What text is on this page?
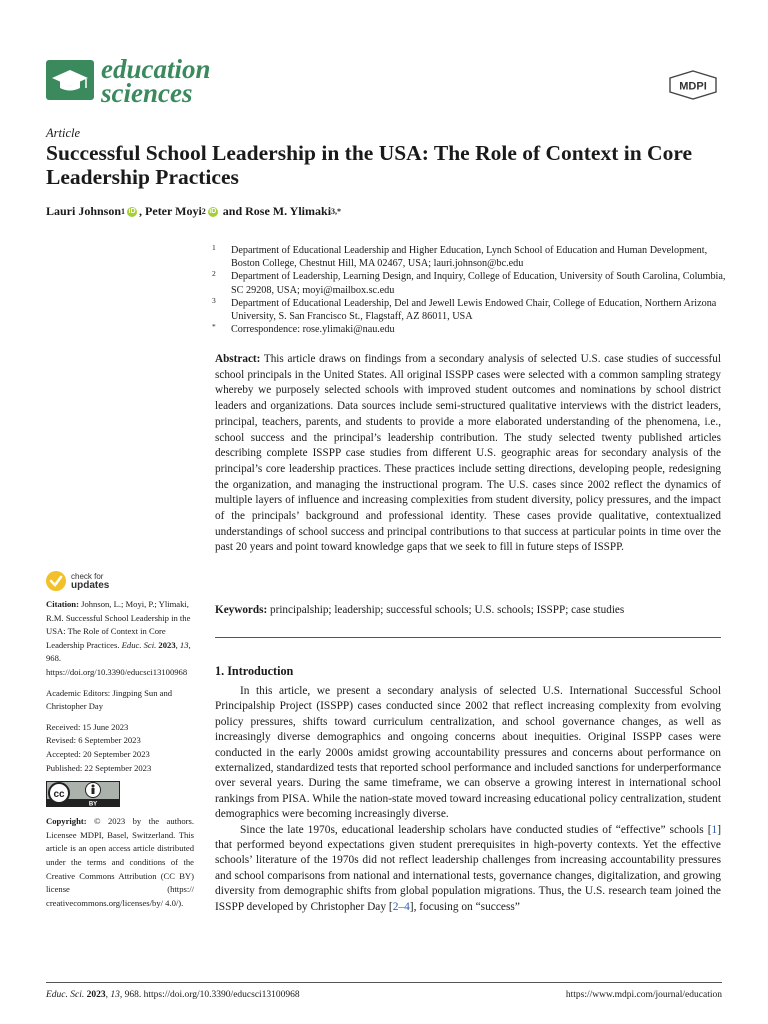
education
sciences	MDPI
Article
Successful School Leadership in the USA: The Role of Context in Core Leadership Practices
Lauri Johnson 1 iD ,
Peter Moyi 2 iD
and
Rose M. Ylimaki 3,*
1 Department of Educational Leadership and Higher Education, Lynch School of Education and Human Development, Boston College, Chestnut Hill, MA 02467, USA; lauri.johnson@bc.edu
2 Department of Leadership, Learning Design, and Inquiry, College of Education, University of South Carolina, Columbia, SC 29208, USA; moyi@mailbox.sc.edu
3 Department of Educational Leadership, Del and Jewell Lewis Endowed Chair, College of Education, Northern Arizona University, S. San Francisco St., Flagstaff, AZ 86011, USA
* Correspondence: rose.ylimaki@nau.edu
Abstract: This article draws on findings from a secondary analysis of selected U.S. case studies of successful school principals in the United States. All original ISSPP cases were selected with a common sampling strategy whereby we purposely selected schools with improved student outcomes and nominations by school district leaders and organizations. Data sources include semi-structured qualitative interviews with the district leaders, principal, teachers, parents, and students to provide a more elaborated understanding of the phenomena, i.e., school success and the principal’s leadership contribution. The study selected twenty published articles describing complete ISSPP case studies from different U.S. geographic areas for secondary analysis of the principal’s core leadership practices. These practices include setting directions, developing people, redesigning the organization, and managing the instructional program. The U.S. cases since 2002 reflect the dynamics of multiple layers of influence and increasing complexities from student diversity, policy pressures, and the impact of the principals’ background and professional identity. These cases provide qualitative, contextualized understandings of school success and principal contributions to that success at particular points in time over the past 20 years and point toward knowledge gaps that we seek to fill in future steps of ISSPP.
Keywords: principalship; leadership; successful schools; U.S. schools; ISSPP; case studies
1. Introduction

In this article, we present a secondary analysis of selected U.S. International Successful School Principalship Project (ISSPP) cases conducted since 2002 that reflect increasing complexity from evolving policy pressures, shifts toward curriculum centralization, and school governance changes, as well as increasingly diverse demographics and ongoing concerns about inequities. Original ISSPP cases were conducted in the early 2000s amidst growing accountability pressures and concerns about performance on externalized, standardized tests that reported school performance and included sanctions for underperformance over several years. During the same timeframe, we can observe a growing interest in international school rankings from PISA. While the nation-state moved toward increasing educational policy centralization, student demographics were becoming increasingly diverse.

Since the late 1970s, educational leadership scholars have conducted studies of “effective” schools [1] that performed beyond expectations given student prerequisites in high-poverty contexts. Yet the effective schools’ literature of the 1970s did not reflect leadership challenges from increasing accountability pressures and school comparisons from national and international tests, governance changes, digitalization, and growing diversity from demographic shifts from global population migrations. Thus, the U.S. research team joined the ISSPP developed by Christopher Day [2–4], focusing on “success”

check for
updates

Citation: Johnson, L.; Moyi, P.; Ylimaki, R.M. Successful School Leadership in the USA: The Role of Context in Core Leadership Practices. Educ. Sci. 2023, 13, 968. https://doi.org/10.3390/educsci13100968

Academic Editors: Jingping Sun and Christopher Day

Received: 15 June 2023
Revised: 6 September 2023
Accepted: 20 September 2023
Published: 22 September 2023

cc
BY

Copyright: © 2023 by the authors. Licensee MDPI, Basel, Switzerland. This article is an open access article distributed under the terms and conditions of the Creative Commons Attribution (CC BY) license (https:// creativecommons.org/licenses/by/ 4.0/).

Educ. Sci. 2023, 13, 968. https://doi.org/10.3390/educsci13100968	https://www.mdpi.com/journal/education
